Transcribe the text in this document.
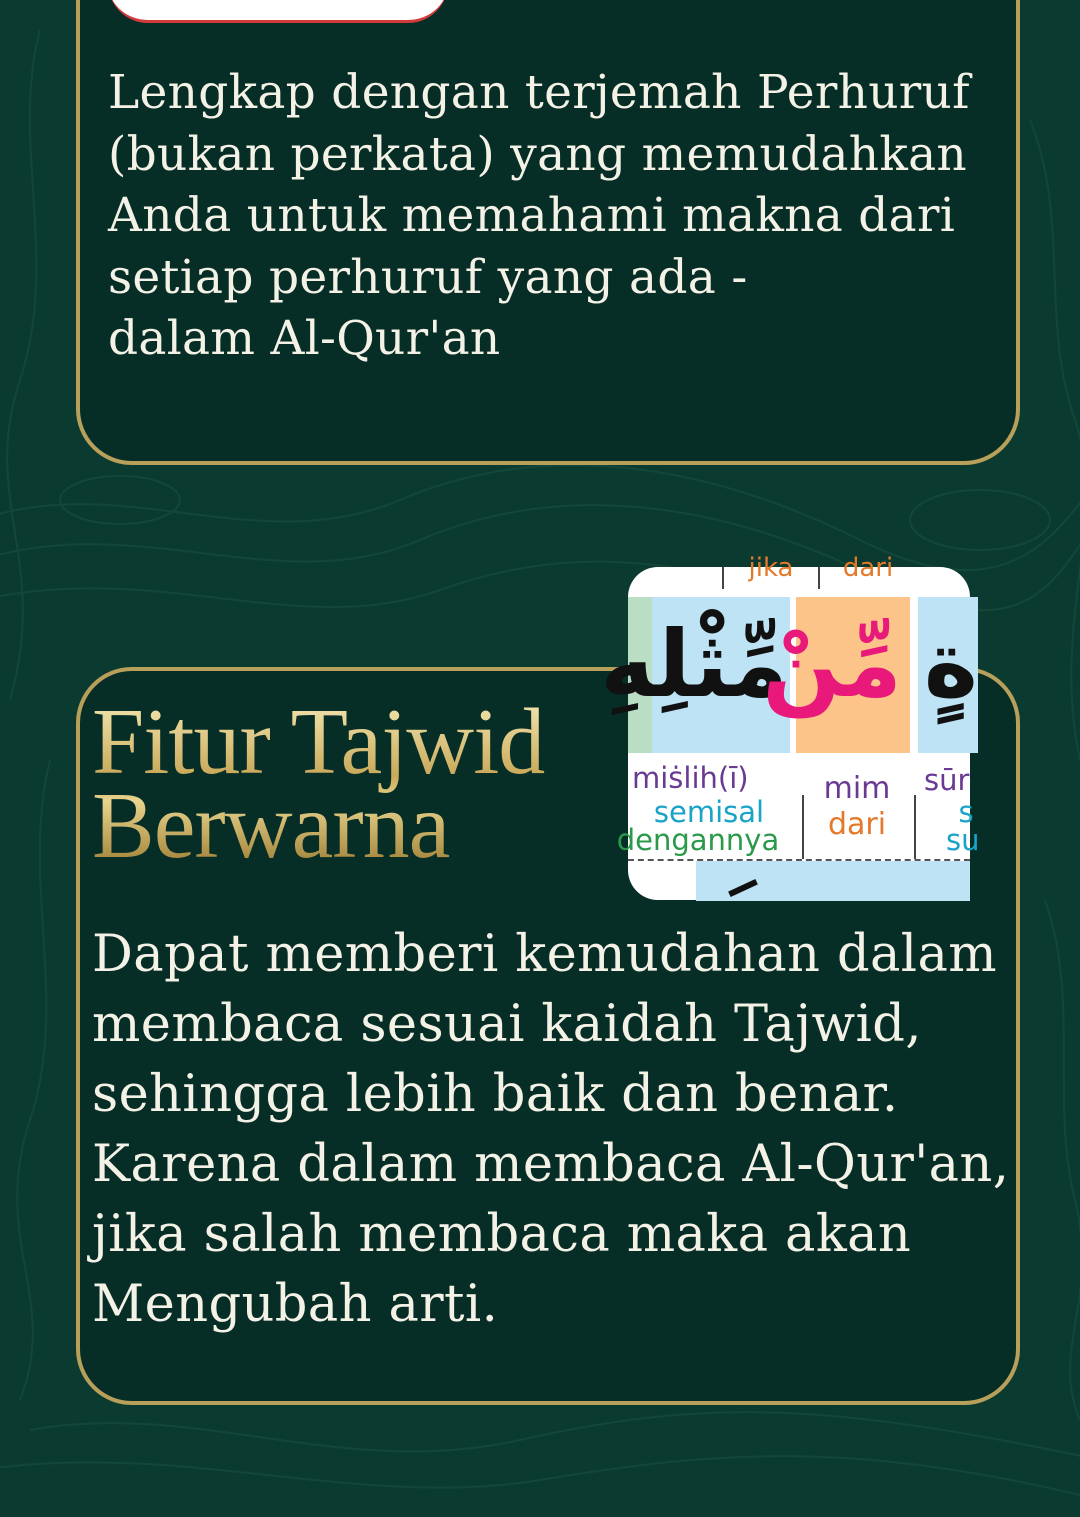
Lengkap dengan terjemah Perhuruf
(bukan perkata) yang memudahkan
Anda untuk memahami makna dari
setiap perhuruf yang ada -
dalam Al-Qur'an

Fitur Tajwid
Berwarna
jika	dari
مِّثْلِهِ
مِّنْ ةٍ
miṡlih(ī)
semisal
dengannya
mim
dari
sūr
s
su

Dapat memberi kemudahan dalam
membaca sesuai kaidah Tajwid,
sehingga lebih baik dan benar.
Karena dalam membaca Al-Qur'an,
jika salah membaca maka akan
Mengubah arti.
